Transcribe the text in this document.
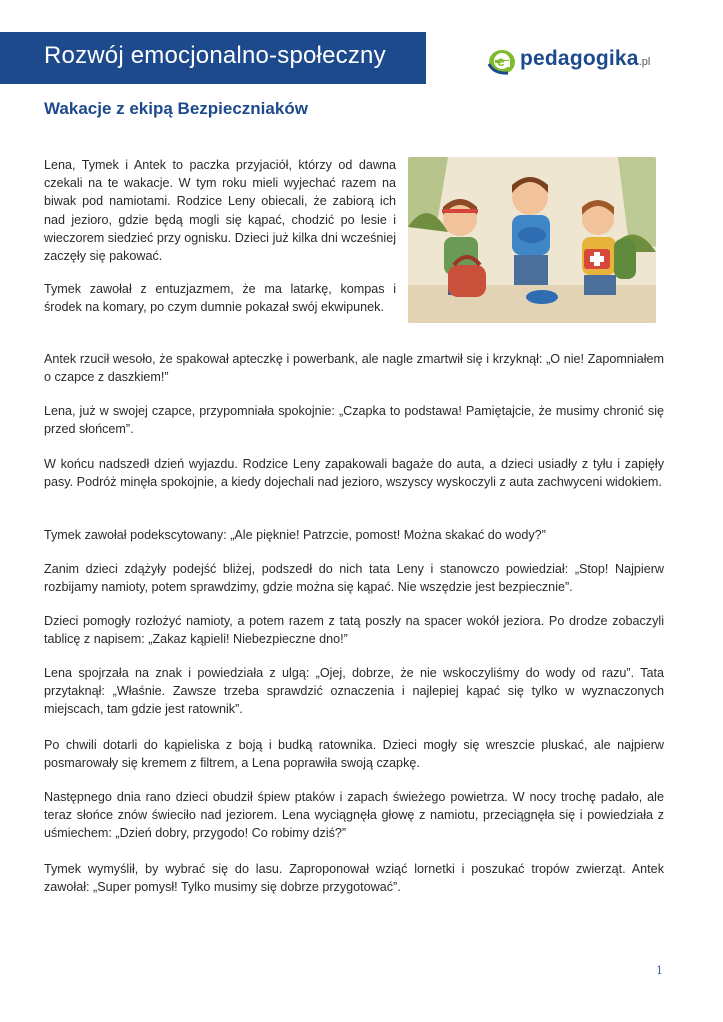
Rozwój emocjonalno-społeczny	e pedagogika.pl
Wakacje z ekipą Bezpieczniaków

Lena, Tymek i Antek to paczka przyjaciół, którzy od dawna czekali na te wakacje. W tym roku mieli wyjechać razem na biwak pod namiotami. Rodzice Leny obiecali, że zabiorą ich nad jezioro, gdzie będą mogli się kąpać, chodzić po lesie i wieczorem siedzieć przy ognisku. Dzieci już kilka dni wcześniej zaczęły się pakować.

Tymek zawołał z entuzjazmem, że ma latarkę, kompas i środek na komary, po czym dumnie pokazał swój ekwipunek.

Antek rzucił wesoło, że spakował apteczkę i powerbank, ale nagle zmartwił się i krzyknął: „O nie! Zapomniałem o czapce z daszkiem!”

Lena, już w swojej czapce, przypomniała spokojnie: „Czapka to podstawa! Pamiętajcie, że musimy chronić się przed słońcem”.

W końcu nadszedł dzień wyjazdu. Rodzice Leny zapakowali bagaże do auta, a dzieci usiadły z tyłu i zapięły pasy. Podróż minęła spokojnie, a kiedy dojechali nad jezioro, wszyscy wyskoczyli z auta zachwyceni widokiem.

Tymek zawołał podekscytowany: „Ale pięknie! Patrzcie, pomost! Można skakać do wody?”

Zanim dzieci zdążyły podejść bliżej, podszedł do nich tata Leny i stanowczo powiedział: „Stop! Najpierw rozbijamy namioty, potem sprawdzimy, gdzie można się kąpać. Nie wszędzie jest bezpiecznie”.

Dzieci pomogły rozłożyć namioty, a potem razem z tatą poszły na spacer wokół jeziora. Po drodze zobaczyli tablicę z napisem: „Zakaz kąpieli! Niebezpieczne dno!”

Lena spojrzała na znak i powiedziała z ulgą: „Ojej, dobrze, że nie wskoczyliśmy do wody od razu”. Tata przytaknął: „Właśnie. Zawsze trzeba sprawdzić oznaczenia i najlepiej kąpać się tylko w wyznaczonych miejscach, tam gdzie jest ratownik”.

Po chwili dotarli do kąpieliska z boją i budką ratownika. Dzieci mogły się wreszcie pluskać, ale najpierw posmarowały się kremem z filtrem, a Lena poprawiła swoją czapkę.

Następnego dnia rano dzieci obudził śpiew ptaków i zapach świeżego powietrza. W nocy trochę padało, ale teraz słońce znów świeciło nad jeziorem. Lena wyciągnęła głowę z namiotu, przeciągnęła się i powiedziała z uśmiechem: „Dzień dobry, przygodo! Co robimy dziś?”

Tymek wymyślił, by wybrać się do lasu. Zaproponował wziąć lornetki i poszukać tropów zwierząt. Antek zawołał: „Super pomysł! Tylko musimy się dobrze przygotować”.

1
